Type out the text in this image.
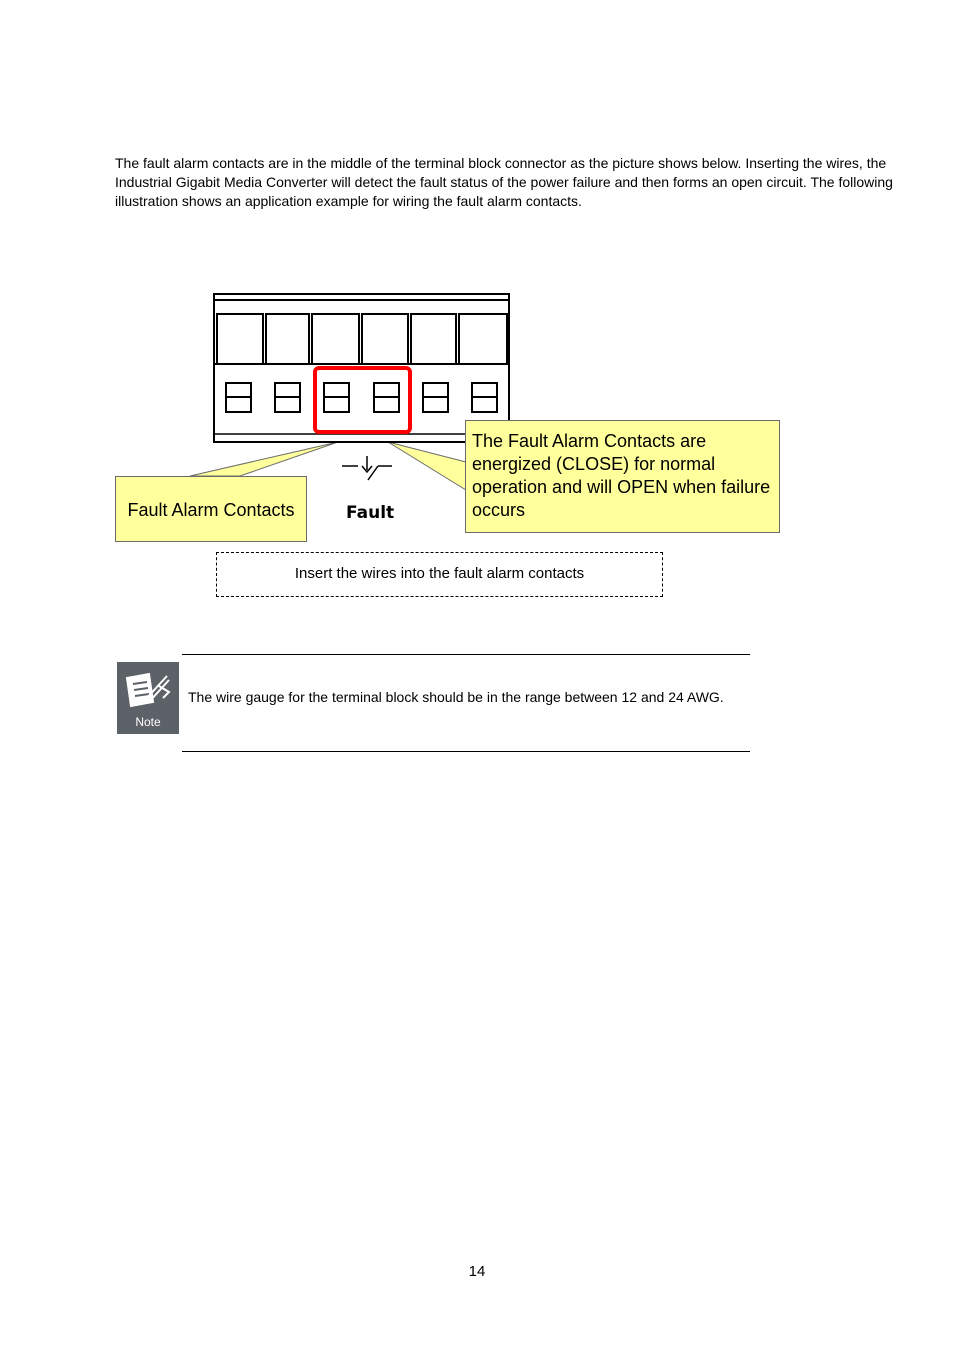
The fault alarm contacts are in the middle of the terminal block connector as the picture shows below. Inserting the wires, the Industrial Gigabit Media Converter will detect the fault status of the power failure and then forms an open circuit. The following illustration shows an application example for wiring the fault alarm contacts.

Fault Alarm Contacts
The Fault Alarm Contacts are energized (CLOSE) for normal operation and will OPEN when failure occurs
Fault
Insert the wires into the fault alarm contacts
Note
The wire gauge for the terminal block should be in the range between 12 and 24 AWG.
14
